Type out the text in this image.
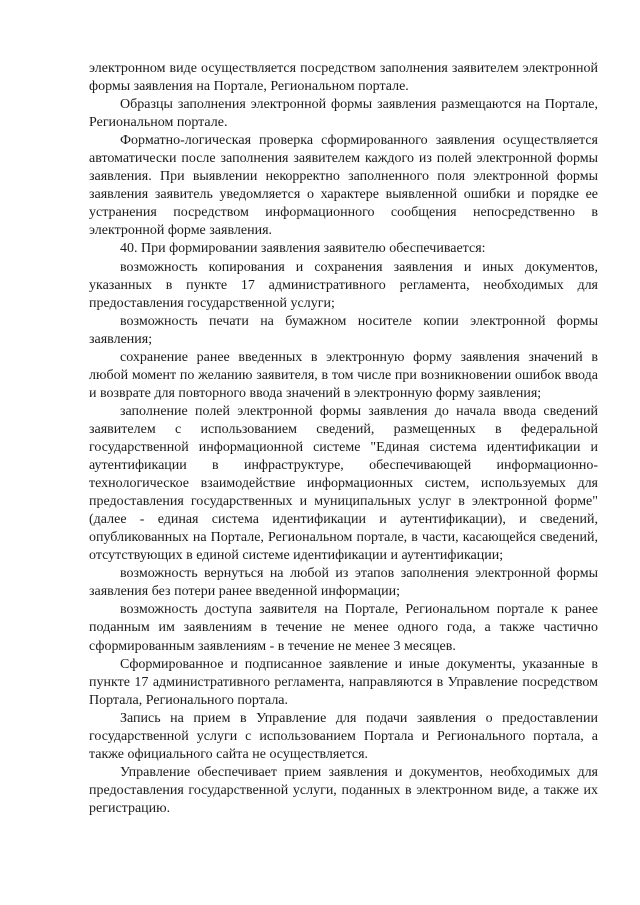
электронном виде осуществляется посредством заполнения заявителем электронной формы заявления на Портале, Региональном портале.

Образцы заполнения электронной формы заявления размещаются на Портале, Региональном портале.

Форматно-логическая проверка сформированного заявления осуществляется автоматически после заполнения заявителем каждого из полей электронной формы заявления. При выявлении некорректно заполненного поля электронной формы заявления заявитель уведомляется о характере выявленной ошибки и порядке ее устранения посредством информационного сообщения непосредственно в электронной форме заявления.

40. При формировании заявления заявителю обеспечивается:

возможность копирования и сохранения заявления и иных документов, указанных в пункте 17 административного регламента, необходимых для предоставления государственной услуги;

возможность печати на бумажном носителе копии электронной формы заявления;

сохранение ранее введенных в электронную форму заявления значений в любой момент по желанию заявителя, в том числе при возникновении ошибок ввода и возврате для повторного ввода значений в электронную форму заявления;

заполнение полей электронной формы заявления до начала ввода сведений заявителем с использованием сведений, размещенных в федеральной государственной информационной системе "Единая система идентификации и аутентификации в инфраструктуре, обеспечивающей информационно-технологическое взаимодействие информационных систем, используемых для предоставления государственных и муниципальных услуг в электронной форме" (далее - единая система идентификации и аутентификации), и сведений, опубликованных на Портале, Региональном портале, в части, касающейся сведений, отсутствующих в единой системе идентификации и аутентификации;

возможность вернуться на любой из этапов заполнения электронной формы заявления без потери ранее введенной информации;

возможность доступа заявителя на Портале, Региональном портале к ранее поданным им заявлениям в течение не менее одного года, а также частично сформированным заявлениям - в течение не менее 3 месяцев.

Сформированное и подписанное заявление и иные документы, указанные в пункте 17 административного регламента, направляются в Управление посредством Портала, Регионального портала.

Запись на прием в Управление для подачи заявления о предоставлении государственной услуги с использованием Портала и Регионального портала, а также официального сайта не осуществляется.

Управление обеспечивает прием заявления и документов, необходимых для предоставления государственной услуги, поданных в электронном виде, а также их регистрацию.
